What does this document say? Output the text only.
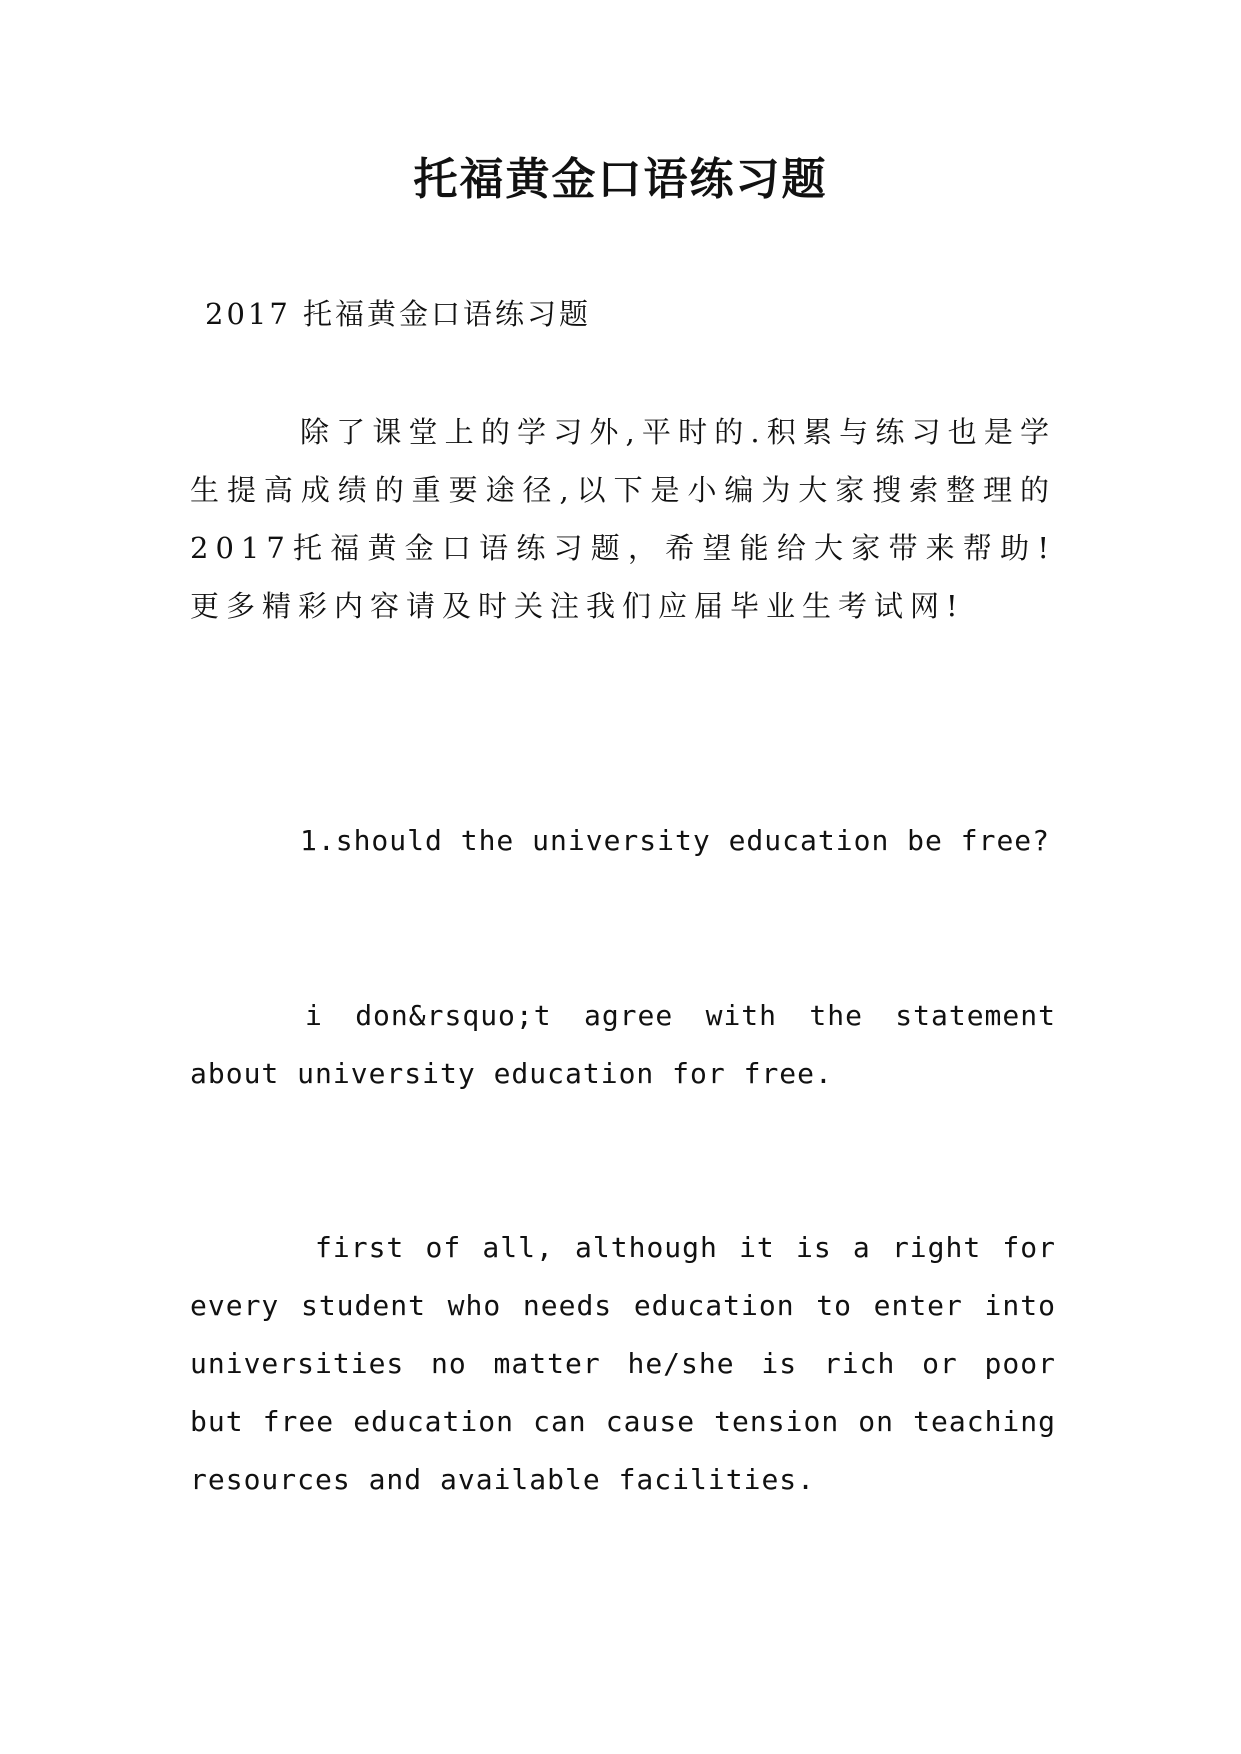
托福黄金口语练习题
2017 托福黄金口语练习题
除了课堂上的学习外,平时的.积累与练习也是学生提高成绩的重要途径,以下是小编为大家搜索整理的2017托福黄金口语练习题，希望能给大家带来帮助!更多精彩内容请及时关注我们应届毕业生考试网!
1.should the university education be free?
i don&rsquo;t agree with the statement about university education for free.
first of all, although it is a right for every student who needs education to enter into universities no matter he/she is rich or poor but free education can cause tension on teaching resources and available facilities.
